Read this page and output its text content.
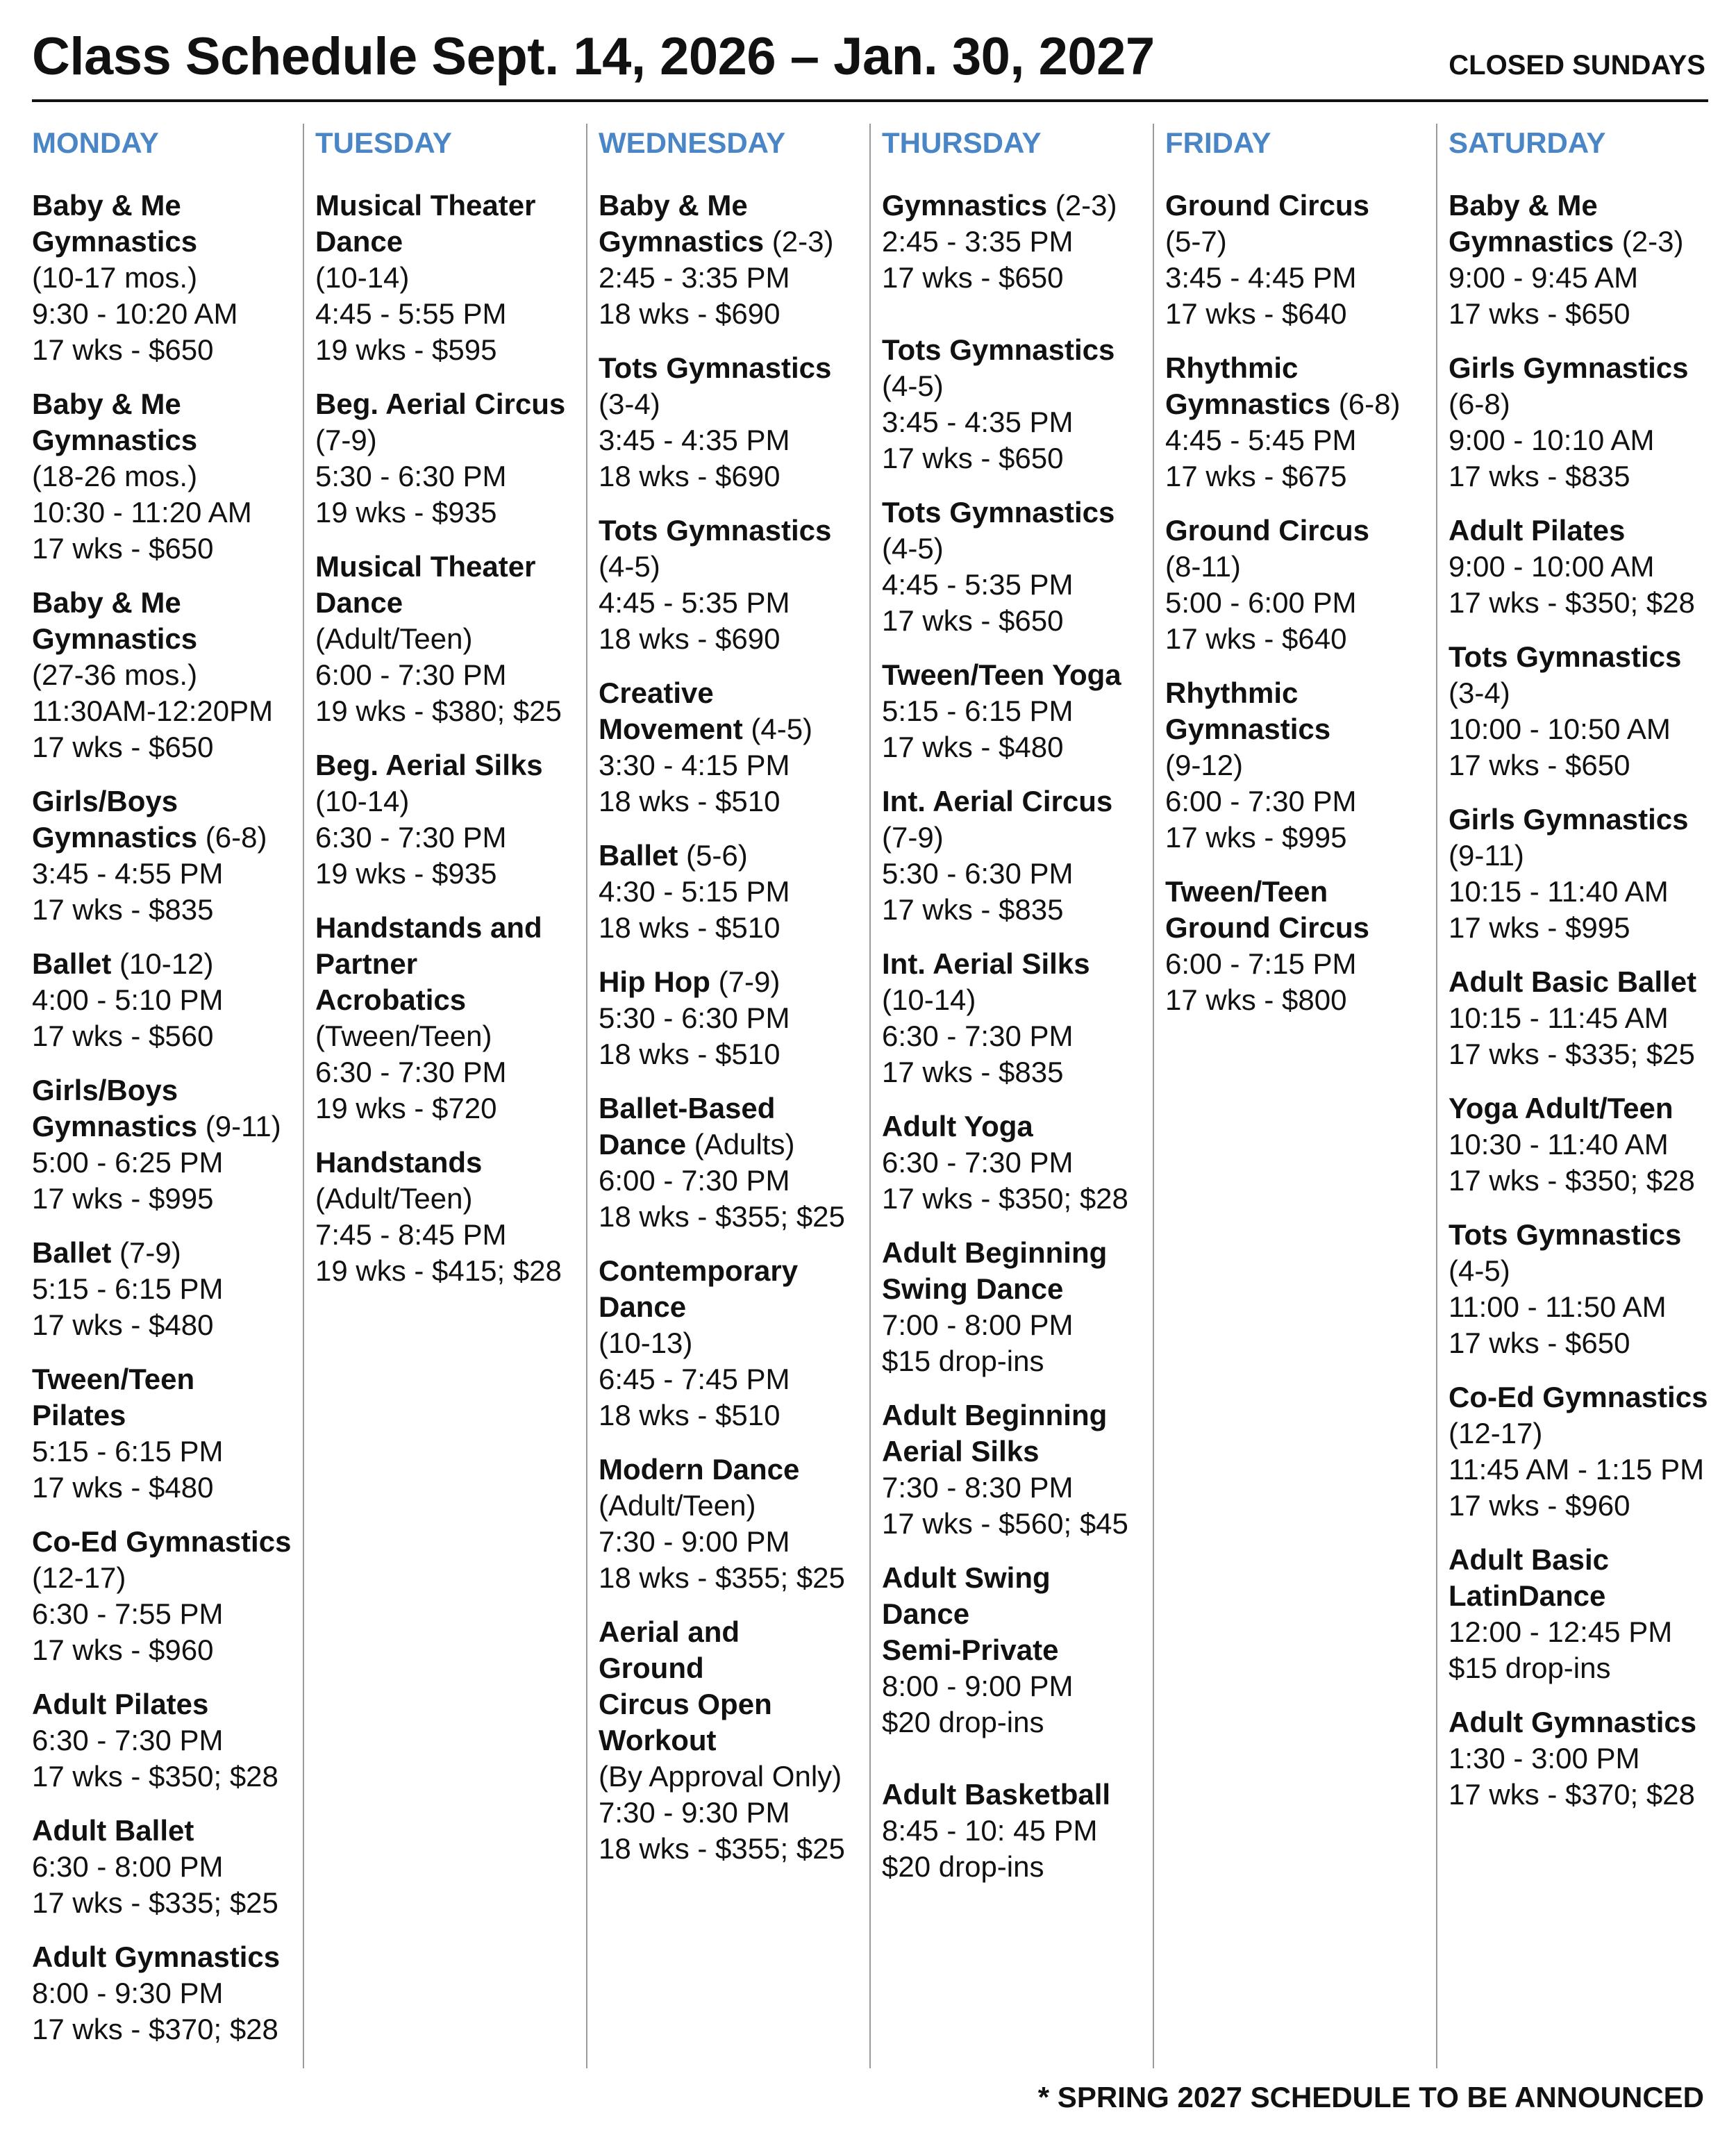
Class Schedule Sept. 14, 2026 – Jan. 30, 2027	CLOSED SUNDAYS
MONDAY
Baby & Me
Gymnastics
(10-17 mos.)
9:30 - 10:20 AM
17 wks - $650
Baby & Me
Gymnastics
(18-26 mos.)
10:30 - 11:20 AM
17 wks - $650
Baby & Me
Gymnastics
(27-36 mos.)
11:30AM-12:20PM
17 wks - $650
Girls/Boys
Gymnastics (6-8)
3:45 - 4:55 PM
17 wks - $835
Ballet (10-12)
4:00 - 5:10 PM
17 wks - $560
Girls/Boys
Gymnastics (9-11)
5:00 - 6:25 PM
17 wks - $995
Ballet (7-9)
5:15 - 6:15 PM
17 wks - $480
Tween/Teen
Pilates
5:15 - 6:15 PM
17 wks - $480
Co-Ed Gymnastics
(12-17)
6:30 - 7:55 PM
17 wks - $960
Adult Pilates
6:30 - 7:30 PM
17 wks - $350; $28
Adult Ballet
6:30 - 8:00 PM
17 wks - $335; $25
Adult Gymnastics
8:00 - 9:30 PM
17 wks - $370; $28
TUESDAY
Musical Theater
Dance
(10-14)
4:45 - 5:55 PM
19 wks - $595
Beg. Aerial Circus
(7-9)
5:30 - 6:30 PM
19 wks - $935
Musical Theater
Dance
(Adult/Teen)
6:00 - 7:30 PM
19 wks - $380; $25
Beg. Aerial Silks
(10-14)
6:30 - 7:30 PM
19 wks - $935
Handstands and
Partner
Acrobatics
(Tween/Teen)
6:30 - 7:30 PM
19 wks - $720
Handstands
(Adult/Teen)
7:45 - 8:45 PM
19 wks - $415; $28
WEDNESDAY
Baby & Me
Gymnastics (2-3)
2:45 - 3:35 PM
18 wks - $690
Tots Gymnastics
(3-4)
3:45 - 4:35 PM
18 wks - $690
Tots Gymnastics
(4-5)
4:45 - 5:35 PM
18 wks - $690
Creative
Movement (4-5)
3:30 - 4:15 PM
18 wks - $510
Ballet (5-6)
4:30 - 5:15 PM
18 wks - $510
Hip Hop (7-9)
5:30 - 6:30 PM
18 wks - $510
Ballet-Based
Dance (Adults)
6:00 - 7:30 PM
18 wks - $355; $25
Contemporary
Dance
(10-13)
6:45 - 7:45 PM
18 wks - $510
Modern Dance
(Adult/Teen)
7:30 - 9:00 PM
18 wks - $355; $25
Aerial and
Ground
Circus Open
Workout
(By Approval Only)
7:30 - 9:30 PM
18 wks - $355; $25
THURSDAY
Gymnastics (2-3)
2:45 - 3:35 PM
17 wks - $650
Tots Gymnastics
(4-5)
3:45 - 4:35 PM
17 wks - $650
Tots Gymnastics
(4-5)
4:45 - 5:35 PM
17 wks - $650
Tween/Teen Yoga
5:15 - 6:15 PM
17 wks - $480
Int. Aerial Circus
(7-9)
5:30 - 6:30 PM
17 wks - $835
Int. Aerial Silks
(10-14)
6:30 - 7:30 PM
17 wks - $835
Adult Yoga
6:30 - 7:30 PM
17 wks - $350; $28
Adult Beginning
Swing Dance
7:00 - 8:00 PM
$15 drop-ins
Adult Beginning
Aerial Silks
7:30 - 8:30 PM
17 wks - $560; $45
Adult Swing
Dance
Semi-Private
8:00 - 9:00 PM
$20 drop-ins
Adult Basketball
8:45 - 10: 45 PM
$20 drop-ins
FRIDAY
Ground Circus
(5-7)
3:45 - 4:45 PM
17 wks - $640
Rhythmic
Gymnastics (6-8)
4:45 - 5:45 PM
17 wks - $675
Ground Circus
(8-11)
5:00 - 6:00 PM
17 wks - $640
Rhythmic
Gymnastics
(9-12)
6:00 - 7:30 PM
17 wks - $995
Tween/Teen
Ground Circus
6:00 - 7:15 PM
17 wks - $800
SATURDAY
Baby & Me
Gymnastics (2-3)
9:00 - 9:45 AM
17 wks - $650
Girls Gymnastics
(6-8)
9:00 - 10:10 AM
17 wks - $835
Adult Pilates
9:00 - 10:00 AM
17 wks - $350; $28
Tots Gymnastics
(3-4)
10:00 - 10:50 AM
17 wks - $650
Girls Gymnastics
(9-11)
10:15 - 11:40 AM
17 wks - $995
Adult Basic Ballet
10:15 - 11:45 AM
17 wks - $335; $25
Yoga Adult/Teen
10:30 - 11:40 AM
17 wks - $350; $28
Tots Gymnastics
(4-5)
11:00 - 11:50 AM
17 wks - $650
Co-Ed Gymnastics
(12-17)
11:45 AM - 1:15 PM
17 wks - $960
Adult Basic
LatinDance
12:00 - 12:45 PM
$15 drop-ins
Adult Gymnastics
1:30 - 3:00 PM
17 wks - $370; $28
* SPRING 2027 SCHEDULE TO BE ANNOUNCED
